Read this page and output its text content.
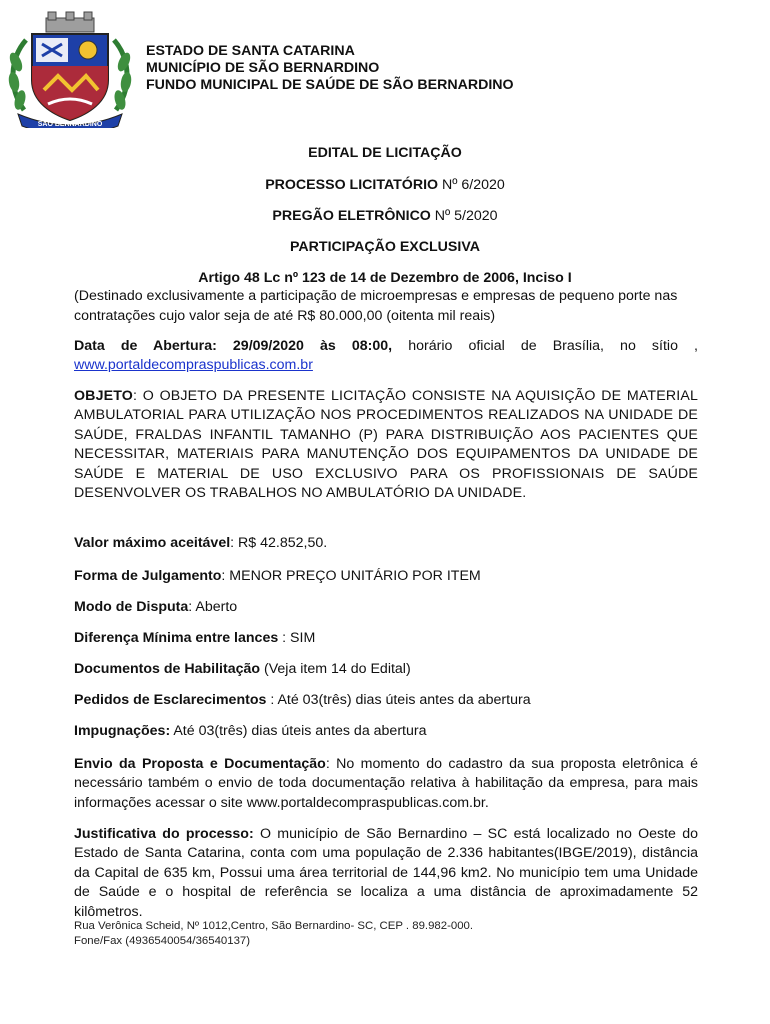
SÃO BERNARDINO
ESTADO DE SANTA CATARINA
MUNICÍPIO DE SÃO BERNARDINO
FUNDO MUNICIPAL DE SAÚDE DE SÃO BERNARDINO
EDITAL DE LICITAÇÃO
PROCESSO LICITATÓRIO Nº 6/2020
PREGÃO ELETRÔNICO Nº 5/2020
PARTICIPAÇÃO EXCLUSIVA
Artigo 48 Lc nº 123 de 14 de Dezembro de 2006, Inciso I
(Destinado exclusivamente a participação de microempresas e empresas de pequeno porte nas contratações cujo valor seja de até R$ 80.000,00 (oitenta mil reais)
Data de Abertura: 29/09/2020 às 08:00, horário oficial de Brasília, no sítio , www.portaldecompraspublicas.com.br
OBJETO: O OBJETO DA PRESENTE LICITAÇÃO CONSISTE NA AQUISIÇÃO DE MATERIAL AMBULATORIAL PARA UTILIZAÇÃO NOS PROCEDIMENTOS REALIZADOS NA UNIDADE DE SAÚDE, FRALDAS INFANTIL TAMANHO (P) PARA DISTRIBUIÇÃO AOS PACIENTES QUE NECESSITAR, MATERIAIS PARA MANUTENÇÃO DOS EQUIPAMENTOS DA UNIDADE DE SAÚDE E MATERIAL DE USO EXCLUSIVO PARA OS PROFISSIONAIS DE SAÚDE DESENVOLVER OS TRABALHOS NO AMBULATÓRIO DA UNIDADE.
Valor máximo aceitável: R$ 42.852,50.
Forma de Julgamento: MENOR PREÇO UNITÁRIO POR ITEM
Modo de Disputa: Aberto
Diferença Mínima entre lances : SIM
Documentos de Habilitação (Veja item 14 do Edital)
Pedidos de Esclarecimentos : Até 03(três) dias úteis antes da abertura
Impugnações: Até 03(três) dias úteis antes da abertura
Envio da Proposta e Documentação: No momento do cadastro da sua proposta eletrônica é necessário também o envio de toda documentação relativa à habilitação da empresa, para mais informações acessar o site www.portaldecompraspublicas.com.br.
Justificativa do processo: O município de São Bernardino – SC está localizado no Oeste do Estado de Santa Catarina, conta com uma população de 2.336 habitantes(IBGE/2019), distância da Capital de 635 km, Possui uma área territorial de 144,96 km2. No município tem uma Unidade de Saúde e o hospital de referência se localiza a uma distância de aproximadamente 52 kilômetros.
Rua Verônica Scheid, Nº 1012,Centro, São Bernardino- SC, CEP . 89.982-000.
Fone/Fax (4936540054/36540137)
